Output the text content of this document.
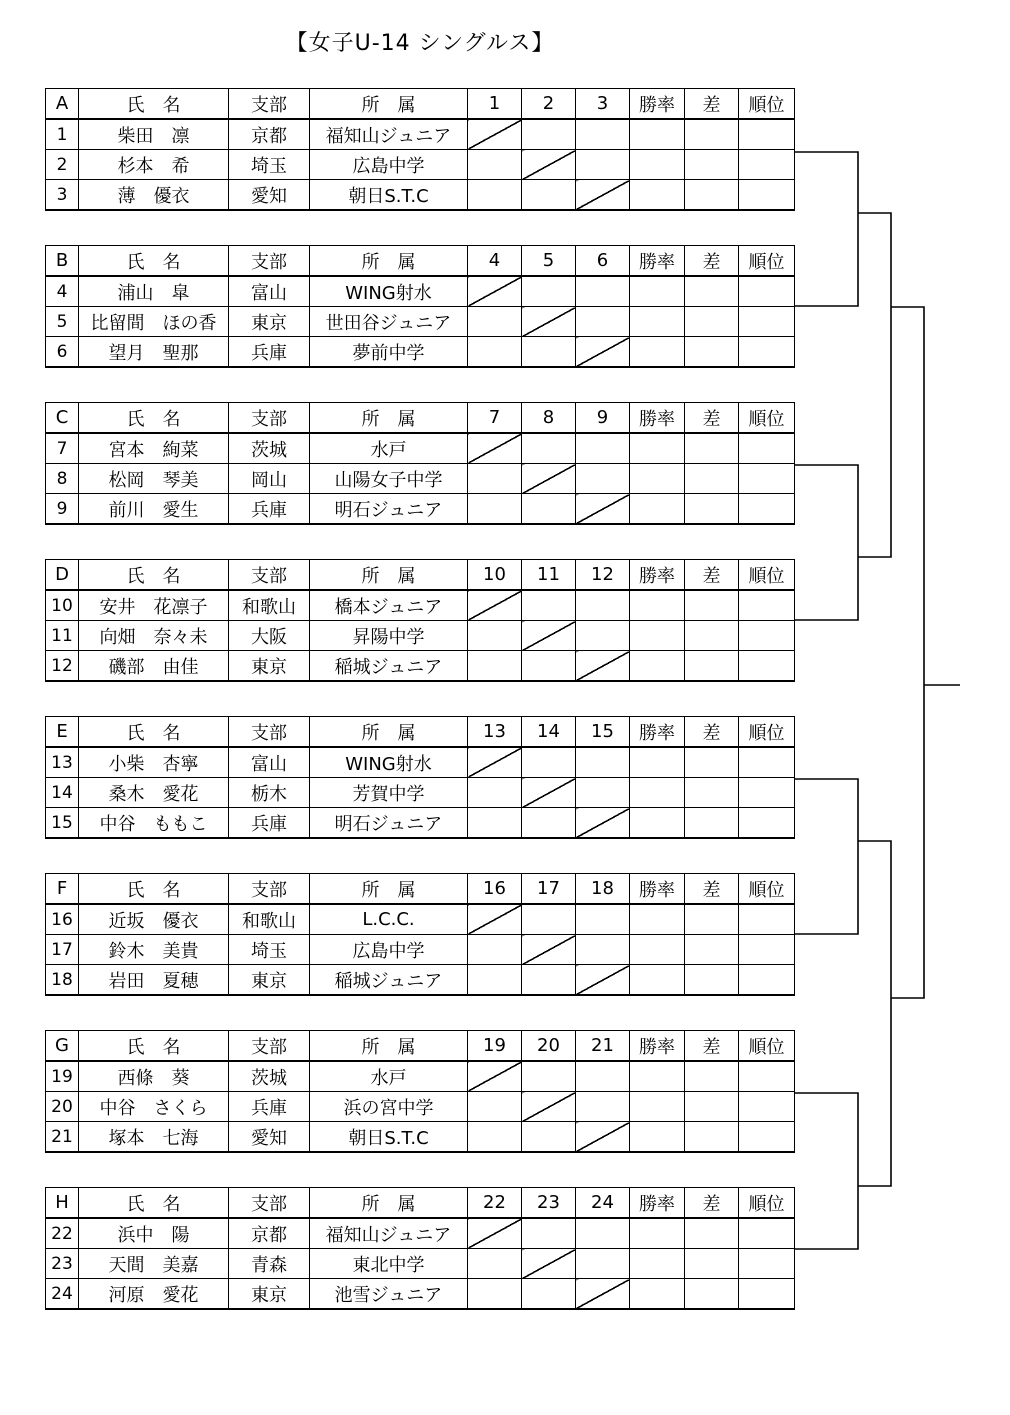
【女子U-14 シングルス】
A	氏　名	支部	所　属	1	2	3	勝率	差	順位
1	柴田　凛	京都	福知山ジュニア						
2	杉本　希	埼玉	広島中学						
3	薄　優衣	愛知	朝日S.T.C						
B	氏　名	支部	所　属	4	5	6	勝率	差	順位
4	浦山　皐	富山	WING射水						
5	比留間　ほの香	東京	世田谷ジュニア						
6	望月　聖那	兵庫	夢前中学						
C	氏　名	支部	所　属	7	8	9	勝率	差	順位
7	宮本　絢菜	茨城	水戸						
8	松岡　琴美	岡山	山陽女子中学						
9	前川　愛生	兵庫	明石ジュニア						
D	氏　名	支部	所　属	10	11	12	勝率	差	順位
10	安井　花凛子	和歌山	橋本ジュニア						
11	向畑　奈々未	大阪	昇陽中学						
12	磯部　由佳	東京	稲城ジュニア						
E	氏　名	支部	所　属	13	14	15	勝率	差	順位
13	小柴　杏寧	富山	WING射水						
14	桑木　愛花	栃木	芳賀中学						
15	中谷　ももこ	兵庫	明石ジュニア						
F	氏　名	支部	所　属	16	17	18	勝率	差	順位
16	近坂　優衣	和歌山	L.C.C.						
17	鈴木　美貴	埼玉	広島中学						
18	岩田　夏穂	東京	稲城ジュニア						
G	氏　名	支部	所　属	19	20	21	勝率	差	順位
19	西條　葵	茨城	水戸						
20	中谷　さくら	兵庫	浜の宮中学						
21	塚本　七海	愛知	朝日S.T.C						
H	氏　名	支部	所　属	22	23	24	勝率	差	順位
22	浜中　陽	京都	福知山ジュニア						
23	天間　美嘉	青森	東北中学						
24	河原　愛花	東京	池雪ジュニア						
